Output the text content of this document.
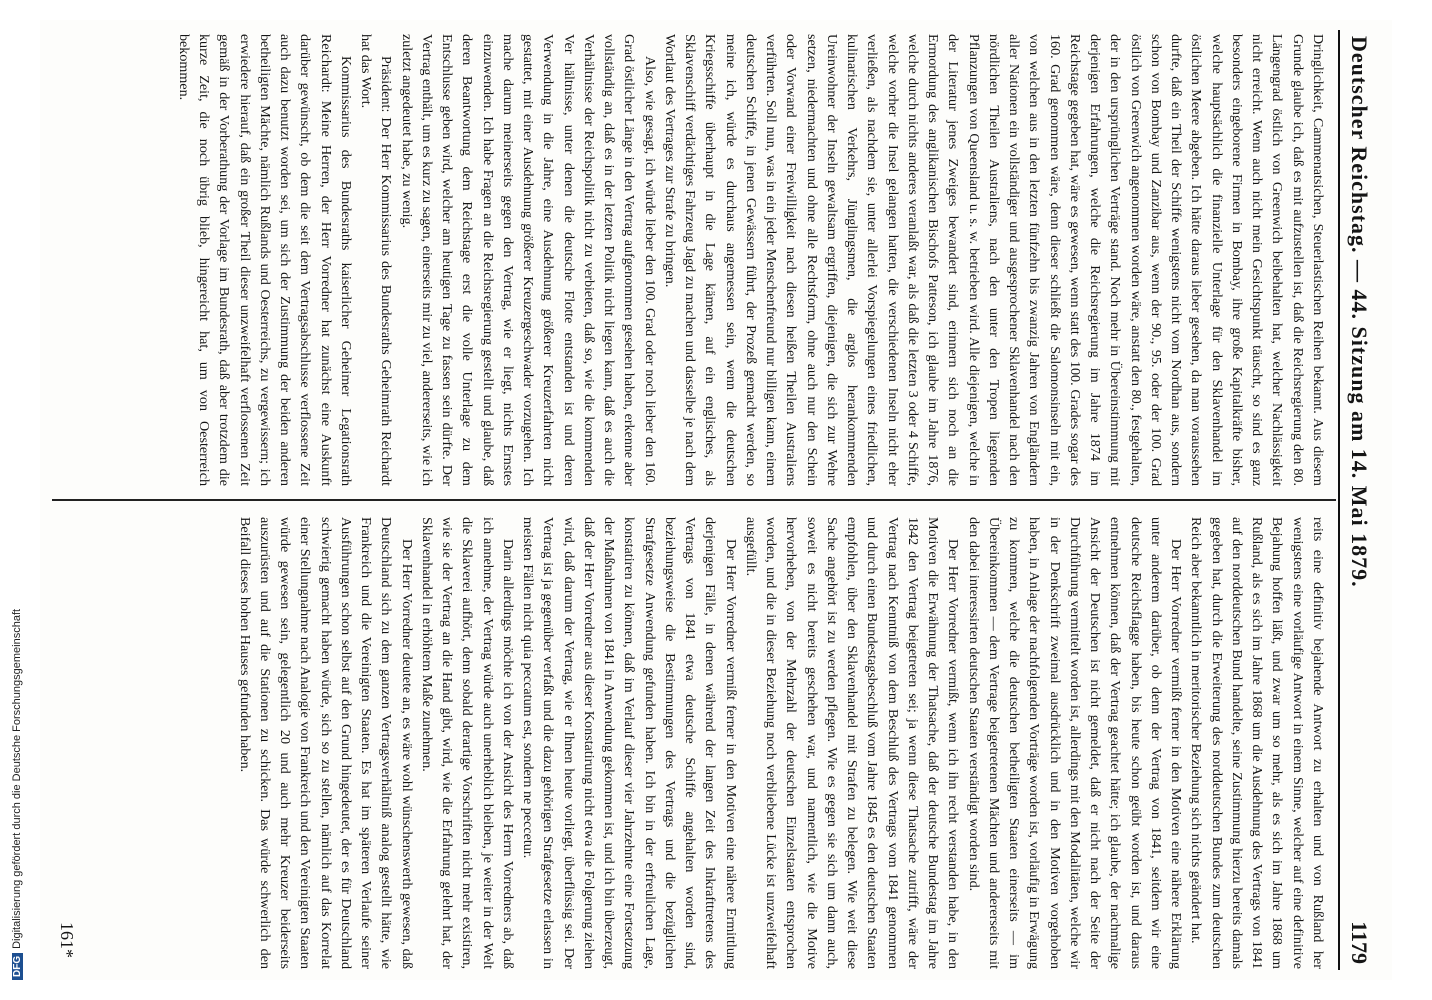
Deutscher Reichstag. — 44. Sitzung am 14. Mai 1879.
1179

Dringlichkeit, Cammenatsichen, Steuerlastischen Reihen bekannt. Aus diesem Grunde glaube ich, daß es mit aufzustellen ist, daß die Reichsregierung den 80. Längengrad östlich von Greenwich beibehalten hat, welcher Nachlässigkeit nicht erreicht. Wenn auch nicht mein Gesichtspunkt täuscht, so sind es ganz besonders eingeborene Firmen in Bombay, ihre große Kapitalkräfte bisher, welche hauptsächlich die finanzielle Unterlage für den Sklavenhandel im östlichen Meere abgeben. Ich hätte daraus lieber gesehen, da man voraussehen durfte, daß ein Theil der Schiffe wenigstens nicht vom Nordhan aus, sondern schon von Bombay und Zanzibar aus, wenn der 90., 95. oder der 100. Grad östlich von Greenwich angenommen worden wäre, anstatt den 80., festgehalten, der in den ursprünglichen Verträge stand. Noch mehr in Übereinstimmung mit derjenigen Erfahrungen, welche die Reichsregierung im Jahre 1874 im Reichstage gegeben hat, wäre es gewesen, wenn statt des 100. Grades sogar des 160. Grad genommen wäre, denn dieser schließt die Salomonsinseln mit ein, von welchen aus in den letzten fünfzehn bis zwanzig Jahren von Engländern aller Nationen ein vollständiger und ausgesprochener Sklavenhandel nach den nördlichen Theilen Australiens, nach den unter den Tropen liegenden Pflanzungen von Queensland u. s. w. betrieben wird. Alle diejenigen, welche in der Literatur jenes Zweiges bewandert sind, erinnern sich noch an die Ermordung des anglikanischen Bischofs Patteson, ich glaube im Jahre 1876, welche durch nichts anderes veranlaßt war, als daß die letzten 3 oder 4 Schiffe, welche vorher die Insel gelangen hatten, die verschiedenen Inseln nicht eher verließen, als nachdem sie, unter allerlei Vorspiegelungen eines friedlichen, kulinarischen Verkehrs, Jünglingsmen, die arglos herankommenden Ureinwohner der Inseln gewaltsam ergriffen, diejenigen, die sich zur Wehre setzen, niedermachten und ohne alle Rechtsform, ohne auch nur den Schein oder Vorwand einer Freiwilligkeit nach diesen heißen Theilen Australiens verführten. Soll nun, was in ein jeder Menschenfreund nur billigen kann, einem deutschen Schiffe, in jenen Gewässern führt, der Prozeß gemacht werden, so meine ich, würde es durchaus angemessen sein, wenn die deutschen Kriegsschiffe überhaupt in die Lage kämen, auf ein englisches, als Sklavenschiff verdächtiges Fahrzeug Jagd zu machen und dasselbe je nach dem Wortlaut des Vertrages zur Strafe zu bringen.

Also, wie gesagt, ich würde lieber den 100. Grad oder noch lieber den 160. Grad östlicher Länge in den Vertrag aufgenommen gesehen haben, erkenne aber vollständig an, daß es in der letzten Politik nicht liegen kann, daß es auch die Verhältnisse der Reichspolitik nicht zu verbieten, daß so, wie die kommenden Ver hältnisse, unter denen die deutsche Flotte entstanden ist und deren Verwendung in die Jahre, eine Ausdehnung größerer Kreuzerfahrten nicht gestattet, mit einer Ausdehnung größerer Kreuzergeschwader vorzugehen. Ich mache darum meinerseits gegen den Vertrag, wie er liegt, nichts Ernstes einzuwenden. Ich habe Fragen an die Reichsregierung gestellt und glaube, daß deren Beantwortung dem Reichstage erst die volle Unterlage zu dem Entschlusse geben wird, welcher am heutigen Tage zu fassen sein dürfte. Der Vertrag enthält, um es kurz zu sagen, einerseits mir zu viel, andererseits, wie ich zuletzt angedeutet habe, zu wenig.

Präsident: Der Herr Kommissarius des Bundesraths Geheimrath Reichardt hat das Wort.

Kommissarius des Bundesraths kaiserlicher Geheimer Legationsrath Reichardt: Meine Herren, der Herr Vorredner hat zunächst eine Auskunft darüber gewünscht, ob dem die seit dem Vertragsabschlusse verflossene Zeit auch dazu benutzt worden sei, um sich der Zustimmung der beiden anderen betheiligten Mächte, nämlich Rußlands und Oesterreichs, zu vergewissern; ich erwiedere hierauf, daß ein großer Theil dieser unzweifelhaft verflossenen Zeit gemäß in der Vorberathung der Vorlage im Bundesrath, daß aber trotzdem die kurze Zeit, die noch übrig blieb, hingereicht hat, um von Oesterreich bekommen.

reits eine definitiv bejahende Antwort zu erhalten und von Rußland her wenigstens eine vorläufige Antwort in einem Sinne, welcher auf eine definitive Bejahung hoffen läßt, und zwar um so mehr, als es sich im Jahre 1868 um Rußland, als es sich im Jahre 1868 um die Ausdehnung des Vertrags von 1841 auf den norddeutschen Bund handelte, seine Zustimmung hierzu bereits damals gegeben hat, durch die Erweiterung des norddeutschen Bundes zum deutschen Reich aber bekanntlich in meritorischer Beziehung sich nichts geändert hat.

Der Herr Vorredner vermißt ferner in den Motiven eine nähere Erklärung unter anderem darüber, ob denn der Vertrag von 1841, seitdem wir eine deutsche Reichsflagge haben, bis heute schon geübt worden ist, und daraus entnehmen können, daß der Vertrag geachtet hätte; ich glaube, der nachmalige Ansicht der Deutschen ist nicht gemeldet, daß er nicht nach der Seite der Durchführung vermittelt worden ist, allerdings mit den Modalitäten, welche wir in der Denkschrift zweimal ausdrücklich und in den Motiven vorgehoben haben, in Anlage der nachfolgenden Vorträge worden ist, vorläufig in Erwägung zu kommen, welche die deutschen betheiligten Staaten einerseits — im Übereinkommen — dem Vertrage beigetretenen Mächten und andererseits mit den dabei interessirten deutschen Staaten verständigt worden sind.

Der Herr Vorredner vermißt, wenn ich ihn recht verstanden habe, in den Motiven die Erwähnung der Thatsache, daß der deutsche Bundestag im Jahre 1842 den Vertrag beigetreten sei; ja wenn diese Thatsache zutrifft, wäre der Vertrag nach Kenntniß von dem Beschluß des Vertrags vom 1841 genommen und durch einen Bundestagsbeschluß vom Jahre 1845 es den deutschen Staaten empfohlen, über den Sklavenhandel mit Strafen zu belegen. Wie weit diese Sache angehört ist zu werden pflegen. Wie es gegen sie sich um dann auch, soweit es nicht bereits geschehen war, und namentlich, wie die Motive hervorheben, von der Mehrzahl der deutschen Einzelstaaten entsprochen worden, und die in dieser Beziehung noch verbliebene Lücke ist unzweifelhaft ausgefüllt.

Der Herr Vorredner vermißt ferner in den Motiven eine nähere Ermittlung derjenigen Fälle, in denen während der langen Zeit des Inkrafttretens des Vertrags von 1841 etwa deutsche Schiffe angehalten worden sind, beziehungsweise die Bestimmungen des Vertrags und die bezüglichen Strafgesetze Anwendung gefunden haben. Ich bin in der erfreulichen Lage, konstatiren zu können, daß im Verlauf dieser vier Jahrzehnte eine Fortsetzung der Maßnahmen von 1841 in Anwendung gekommen ist, und ich bin überzeugt, daß der Herr Vorredner aus dieser Konstatirung nicht etwa die Folgerung ziehen wird, daß darum der Vertrag, wie er Ihnen heute vorliegt, überflüssig sei. Der Vertrag ist ja gegenüber verfaßt und die dazu gehörigen Strafgesetze erlassen in meisten Fällen nicht quia peccatum est, sondern ne peccetur.

Darin allerdings möchte ich von der Ansicht des Herrn Vorredners ab, daß ich annehme, der Vertrag würde auch unerheblich bleiben, je weiter in der Welt die Sklaverei aufhört, denn sobald derartige Vorschriften nicht mehr existiren, wie sie der Vertrag an die Hand gibt, wird, wie die Erfahrung gelehrt hat, der Sklavenhandel in erhöhtem Maße zunehmen.

Der Herr Vorredner deutete an, es wäre wohl wünschenswerth gewesen, daß Deutschland sich zu dem ganzen Vertragsverhältniß analog gestellt hätte, wie Frankreich und die Vereinigten Staaten. Es hat im späteren Verlaufe seiner Ausführungen schon selbst auf den Grund hingedeutet, der es für Deutschland schwierig gemacht haben würde, sich so zu stellen, nämlich auf das Korrelat einer Stellungnahme nach Analogie von Frankreich und den Vereinigten Staaten würde gewesen sein, gelegentlich 20 und auch mehr Kreuzer beiderseits auszurüsten und auf die Stationen zu schicken. Das würde schwerlich den Beifall dieses hohen Hauses gefunden haben.

161*
DFGDigitalisierung gefördert durch die Deutsche Forschungsgemeinschaft
